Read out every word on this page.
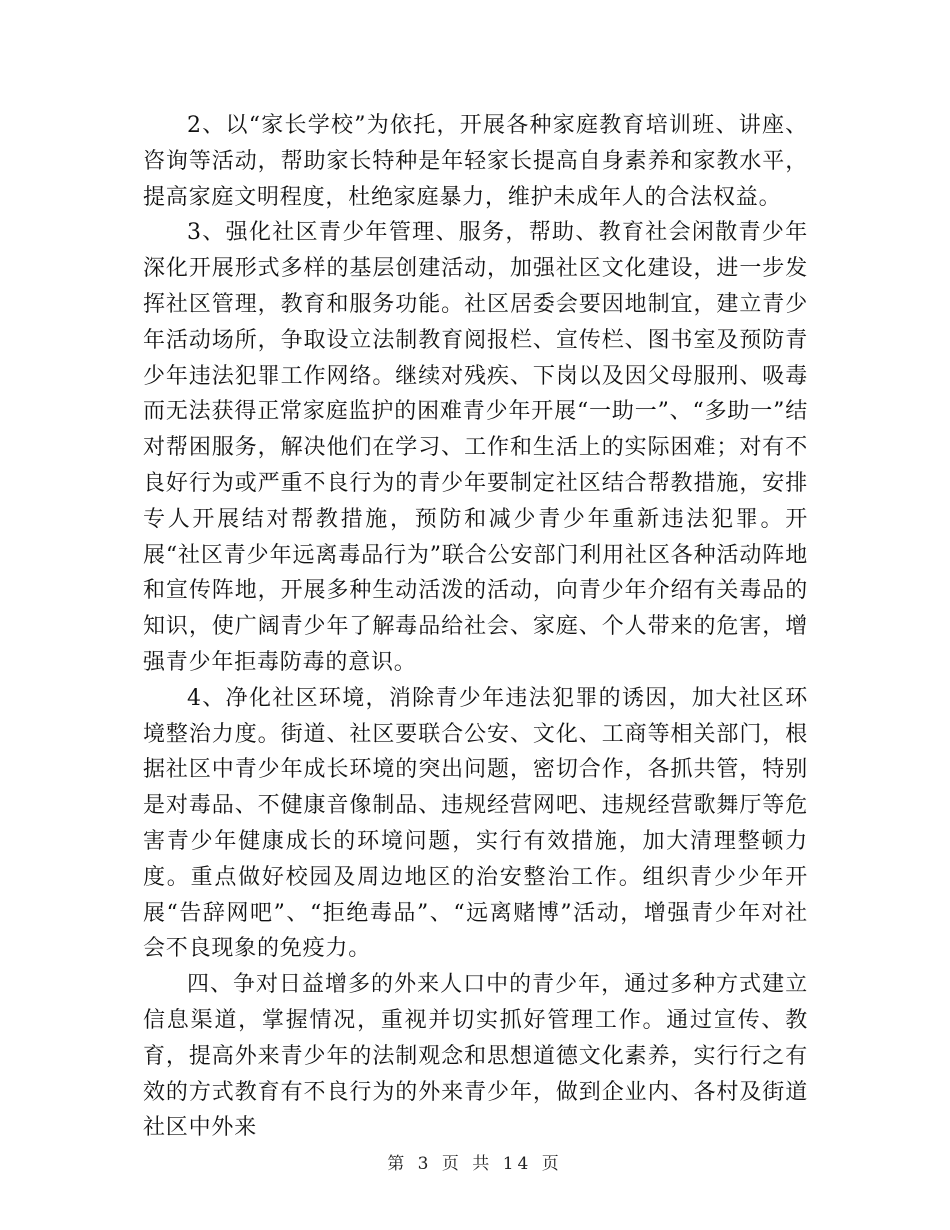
2、以“家长学校”为依托，开展各种家庭教育培训班、讲座、咨询等活动，帮助家长特种是年轻家长提高自身素养和家教水平，提高家庭文明程度，杜绝家庭暴力，维护未成年人的合法权益。

3、强化社区青少年管理、服务，帮助、教育社会闲散青少年深化开展形式多样的基层创建活动，加强社区文化建设，进一步发挥社区管理，教育和服务功能。社区居委会要因地制宜，建立青少年活动场所，争取设立法制教育阅报栏、宣传栏、图书室及预防青少年违法犯罪工作网络。继续对残疾、下岗以及因父母服刑、吸毒而无法获得正常家庭监护的困难青少年开展“一助一”、“多助一”结对帮困服务，解决他们在学习、工作和生活上的实际困难；对有不良好行为或严重不良行为的青少年要制定社区结合帮教措施，安排专人开展结对帮教措施，预防和减少青少年重新违法犯罪。开展“社区青少年远离毒品行为”联合公安部门利用社区各种活动阵地和宣传阵地，开展多种生动活泼的活动，向青少年介绍有关毒品的知识，使广阔青少年了解毒品给社会、家庭、个人带来的危害，增强青少年拒毒防毒的意识。

4、净化社区环境，消除青少年违法犯罪的诱因，加大社区环境整治力度。街道、社区要联合公安、文化、工商等相关部门，根据社区中青少年成长环境的突出问题，密切合作，各抓共管，特别是对毒品、不健康音像制品、违规经营网吧、违规经营歌舞厅等危害青少年健康成长的环境问题，实行有效措施，加大清理整顿力度。重点做好校园及周边地区的治安整治工作。组织青少少年开展“告辞网吧”、“拒绝毒品”、“远离赌博”活动，增强青少年对社会不良现象的免疫力。

四、争对日益增多的外来人口中的青少年，通过多种方式建立信息渠道，掌握情况，重视并切实抓好管理工作。通过宣传、教育，提高外来青少年的法制观念和思想道德文化素养，实行行之有效的方式教育有不良行为的外来青少年，做到企业内、各村及街道社区中外来

第 3 页 共 14 页
